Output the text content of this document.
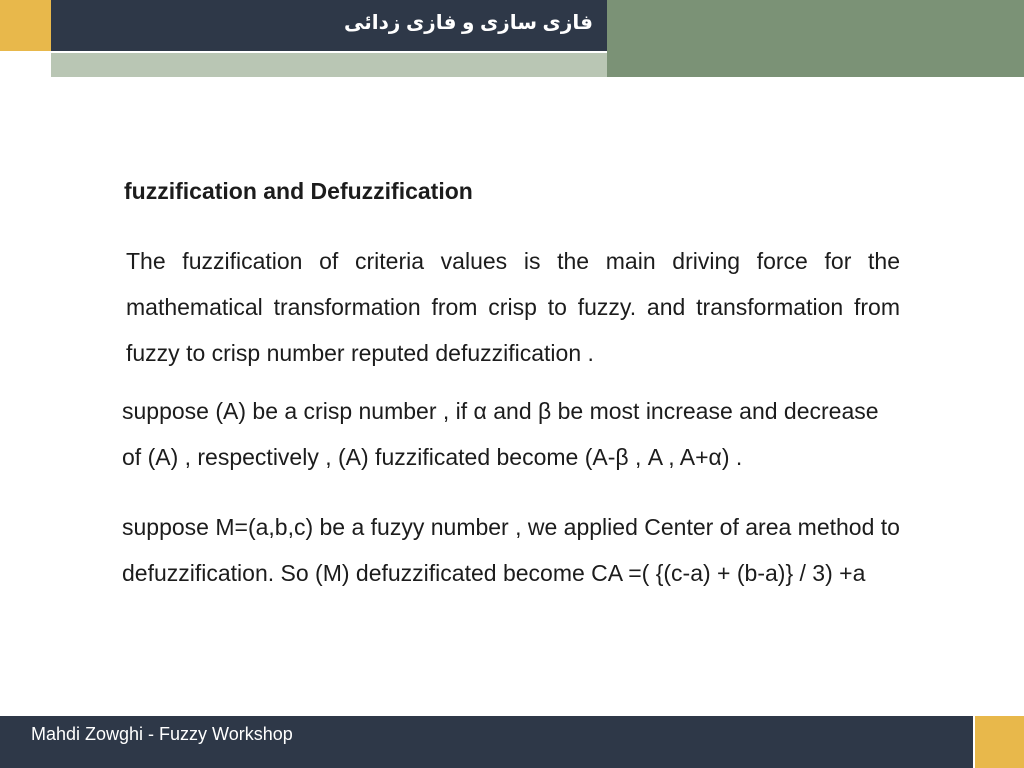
فازی سازی و فازی زدائی
fuzzification and Defuzzification
The fuzzification of criteria values is the main driving force for the mathematical transformation from crisp to fuzzy. and transformation from fuzzy to crisp number reputed defuzzification .
suppose (A) be a crisp number , if α and β be most increase and decrease of (A) , respectively , (A) fuzzificated become (A-β , A , A+α) .
suppose M=(a,b,c) be a fuzyy number , we applied Center of area method to defuzzification. So (M) defuzzificated become CA =( {(c-a) + (b-a)} / 3) +a
Mahdi Zowghi - Fuzzy Workshop
